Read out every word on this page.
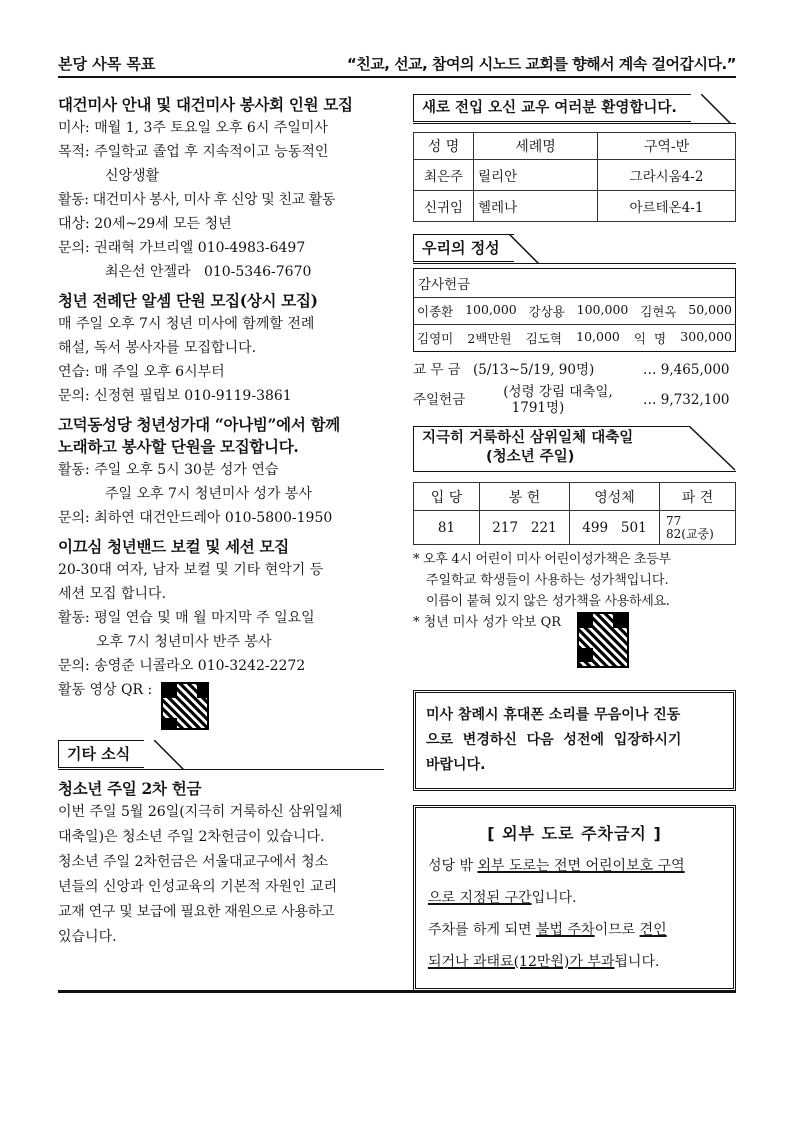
본당 사목 목표	“친교, 선교, 참여의 시노드 교회를 향해서 계속 걸어갑시다.”
대건미사 안내 및 대건미사 봉사회 인원 모집
미사: 매월 1, 3주 토요일 오후 6시 주일미사
목적: 주일학교 졸업 후 지속적이고 능동적인
신앙생활
활동: 대건미사 봉사, 미사 후 신앙 및 친교 활동
대상: 20세~29세 모든 청년
문의: 권래혁 가브리엘 010-4983-6497
최은선 안젤라   010-5346-7670
청년 전례단 알셈 단원 모집(상시 모집)
매 주일 오후 7시 청년 미사에 함께할 전례
해설, 독서 봉사자를 모집합니다.
연습: 매 주일 오후 6시부터
문의: 신정현 필립보 010-9119-3861
고덕동성당 청년성가대 “아나빔”에서 함께
노래하고 봉사할 단원을 모집합니다.
활동: 주일 오후 5시 30분 성가 연습
주일 오후 7시 청년미사 성가 봉사
문의: 최하연 대건안드레아 010-5800-1950
이끄심 청년밴드 보컬 및 세션 모집
20-30대 여자, 남자 보컬 및 기타 현악기 등
세션 모집 합니다.
활동: 평일 연습 및 매 월 마지막 주 일요일
오후 7시 청년미사 반주 봉사
문의: 송영준 니콜라오 010-3242-2272
활동 영상 QR :
기타 소식
청소년 주일 2차 헌금
이번 주일 5월 26일(지극히 거룩하신 삼위일체
대축일)은 청소년 주일 2차헌금이 있습니다.
청소년 주일 2차헌금은 서울대교구에서 청소
년들의 신앙과 인성교육의 기본적 자원인 교리
교재 연구 및 보급에 필요한 재원으로 사용하고
있습니다.
새로 전입 오신 교우 여러분 환영합니다.
성 명	세례명	구역-반
최은주	릴리안	그라시움4-2
신귀임	헬레나	아르테온4-1
우리의 정성
감사헌금
이종환 100,000 강상용 100,000 김현옥 50,000
김영미 2백만원 김도혁 10,000 익  명 300,000
교 무 금 (5/13~5/19, 90명)	… 9,465,000
주일헌금	(성령 강림 대축일,
1791명)	… 9,732,100
지극히 거룩하신 삼위일체 대축일
(청소년 주일)
입 당	봉 헌	영성체	파 견
81	217   221	499   501	77
82(교중)
* 오후 4시 어린이 미사 어린이성가책은 초등부
주일학교 학생들이 사용하는 성가책입니다.
이름이 붙혀 있지 않은 성가책을 사용하세요.
* 청년 미사 성가 악보 QR
미사 참례시 휴대폰 소리를 무음이나 진동
으로  변경하신  다음  성전에  입장하시기
바랍니다.
[ 외부 도로 주차금지 ]
성당 밖 외부 도로는 전면 어린이보호 구역
으로 지정된 구간입니다.
주차를 하게 되면 불법 주차이므로 견인
되거나 과태료(12만원)가 부과됩니다.
